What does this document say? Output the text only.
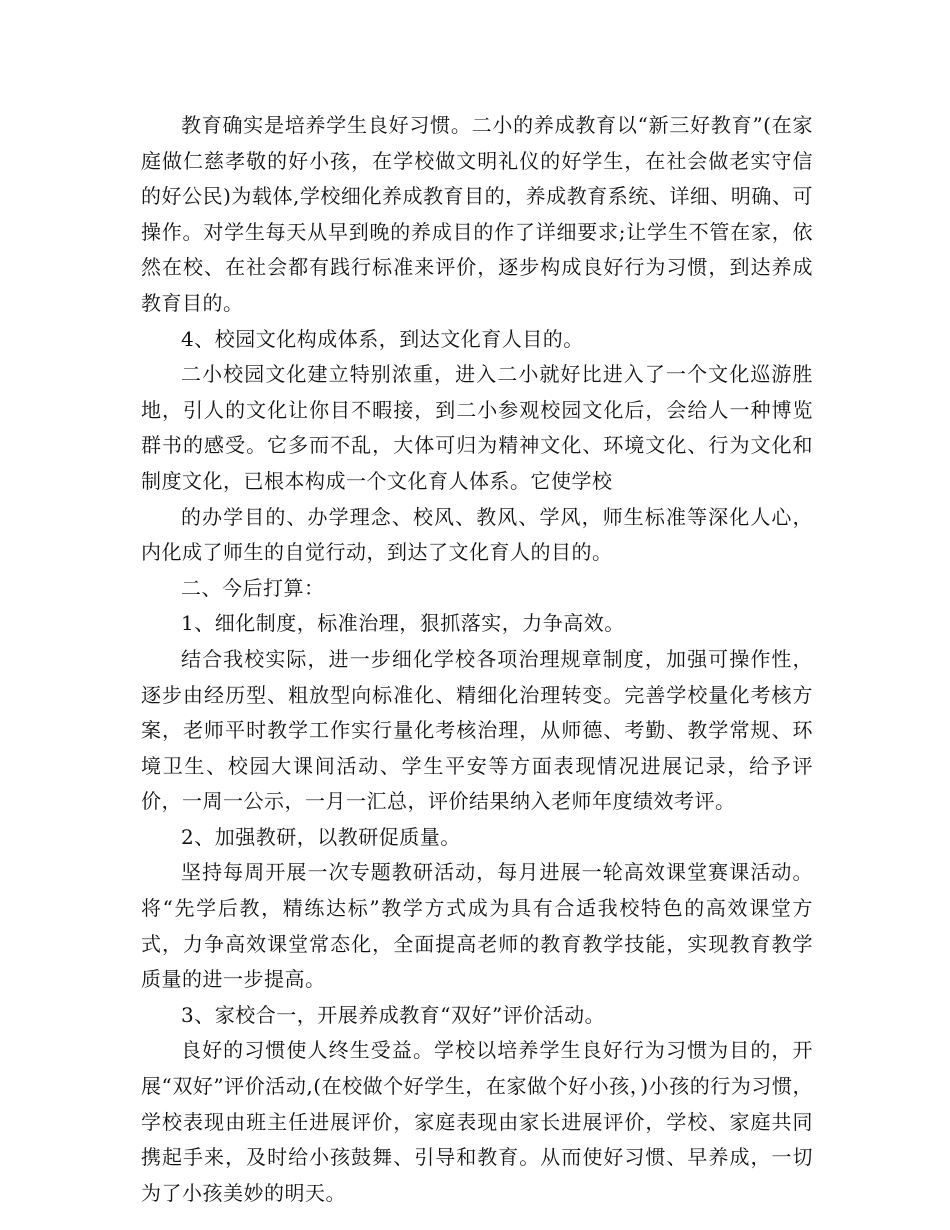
教育确实是培养学生良好习惯。二小的养成教育以“新三好教育”(在家庭做仁慈孝敬的好小孩，在学校做文明礼仪的好学生，在社会做老实守信的好公民)为载体,学校细化养成教育目的，养成教育系统、详细、明确、可操作。对学生每天从早到晚的养成目的作了详细要求;让学生不管在家，依然在校、在社会都有践行标准来评价，逐步构成良好行为习惯，到达养成教育目的。

4、校园文化构成体系，到达文化育人目的。

二小校园文化建立特别浓重，进入二小就好比进入了一个文化巡游胜地，引人的文化让你目不暇接，到二小参观校园文化后，会给人一种博览群书的感受。它多而不乱，大体可归为精神文化、环境文化、行为文化和制度文化，已根本构成一个文化育人体系。它使学校

的办学目的、办学理念、校风、教风、学风，师生标准等深化人心，内化成了师生的自觉行动，到达了文化育人的目的。

二、今后打算：

1、细化制度，标准治理，狠抓落实，力争高效。

结合我校实际，进一步细化学校各项治理规章制度，加强可操作性，逐步由经历型、粗放型向标准化、精细化治理转变。完善学校量化考核方案，老师平时教学工作实行量化考核治理，从师德、考勤、教学常规、环境卫生、校园大课间活动、学生平安等方面表现情况进展记录，给予评价，一周一公示，一月一汇总，评价结果纳入老师年度绩效考评。

2、加强教研，以教研促质量。

坚持每周开展一次专题教研活动，每月进展一轮高效课堂赛课活动。将“先学后教，精练达标”教学方式成为具有合适我校特色的高效课堂方式，力争高效课堂常态化，全面提高老师的教育教学技能，实现教育教学质量的进一步提高。

3、家校合一，开展养成教育“双好”评价活动。

良好的习惯使人终生受益。学校以培养学生良好行为习惯为目的，开展“双好”评价活动,(在校做个好学生，在家做个好小孩，)小孩的行为习惯，学校表现由班主任进展评价，家庭表现由家长进展评价，学校、家庭共同携起手来，及时给小孩鼓舞、引导和教育。从而使好习惯、早养成，一切为了小孩美妙的明天。
